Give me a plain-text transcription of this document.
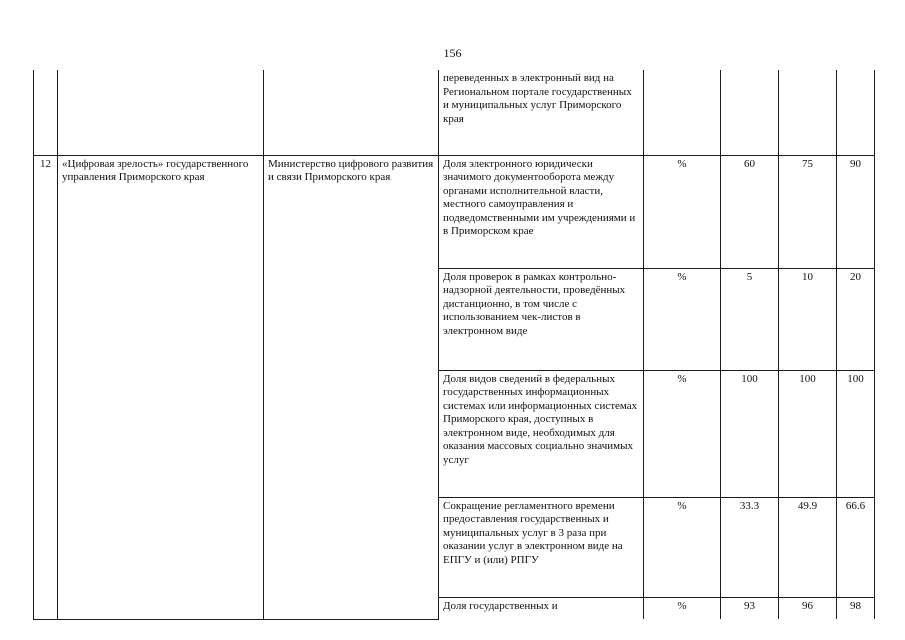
156
			переведенных в электронный вид на Региональном портале государственных и муниципальных услуг Приморского края				
12	«Цифровая зрелость» государственного управления Приморского края	Министерство цифрового развития и связи Приморского края	Доля электронного юридически значимого документооборота между органами исполнительной власти, местного самоуправления и подведомственными им учреждениями и в Приморском крае	%	60	75	90
			Доля проверок в рамках контрольно-надзорной деятельности, проведённых дистанционно, в том числе с использованием чек-листов в электронном виде	%	5	10	20
			Доля видов сведений в федеральных государственных информационных системах или информационных системах Приморского края, доступных в электронном виде, необходимых для оказания массовых социально значимых услуг	%	100	100	100
			Сокращение регламентного времени предоставления государственных и муниципальных услуг в 3 раза при оказании услуг в электронном виде на ЕПГУ и (или) РПГУ	%	33.3	49.9	66.6
			Доля государственных и	%	93	96	98
